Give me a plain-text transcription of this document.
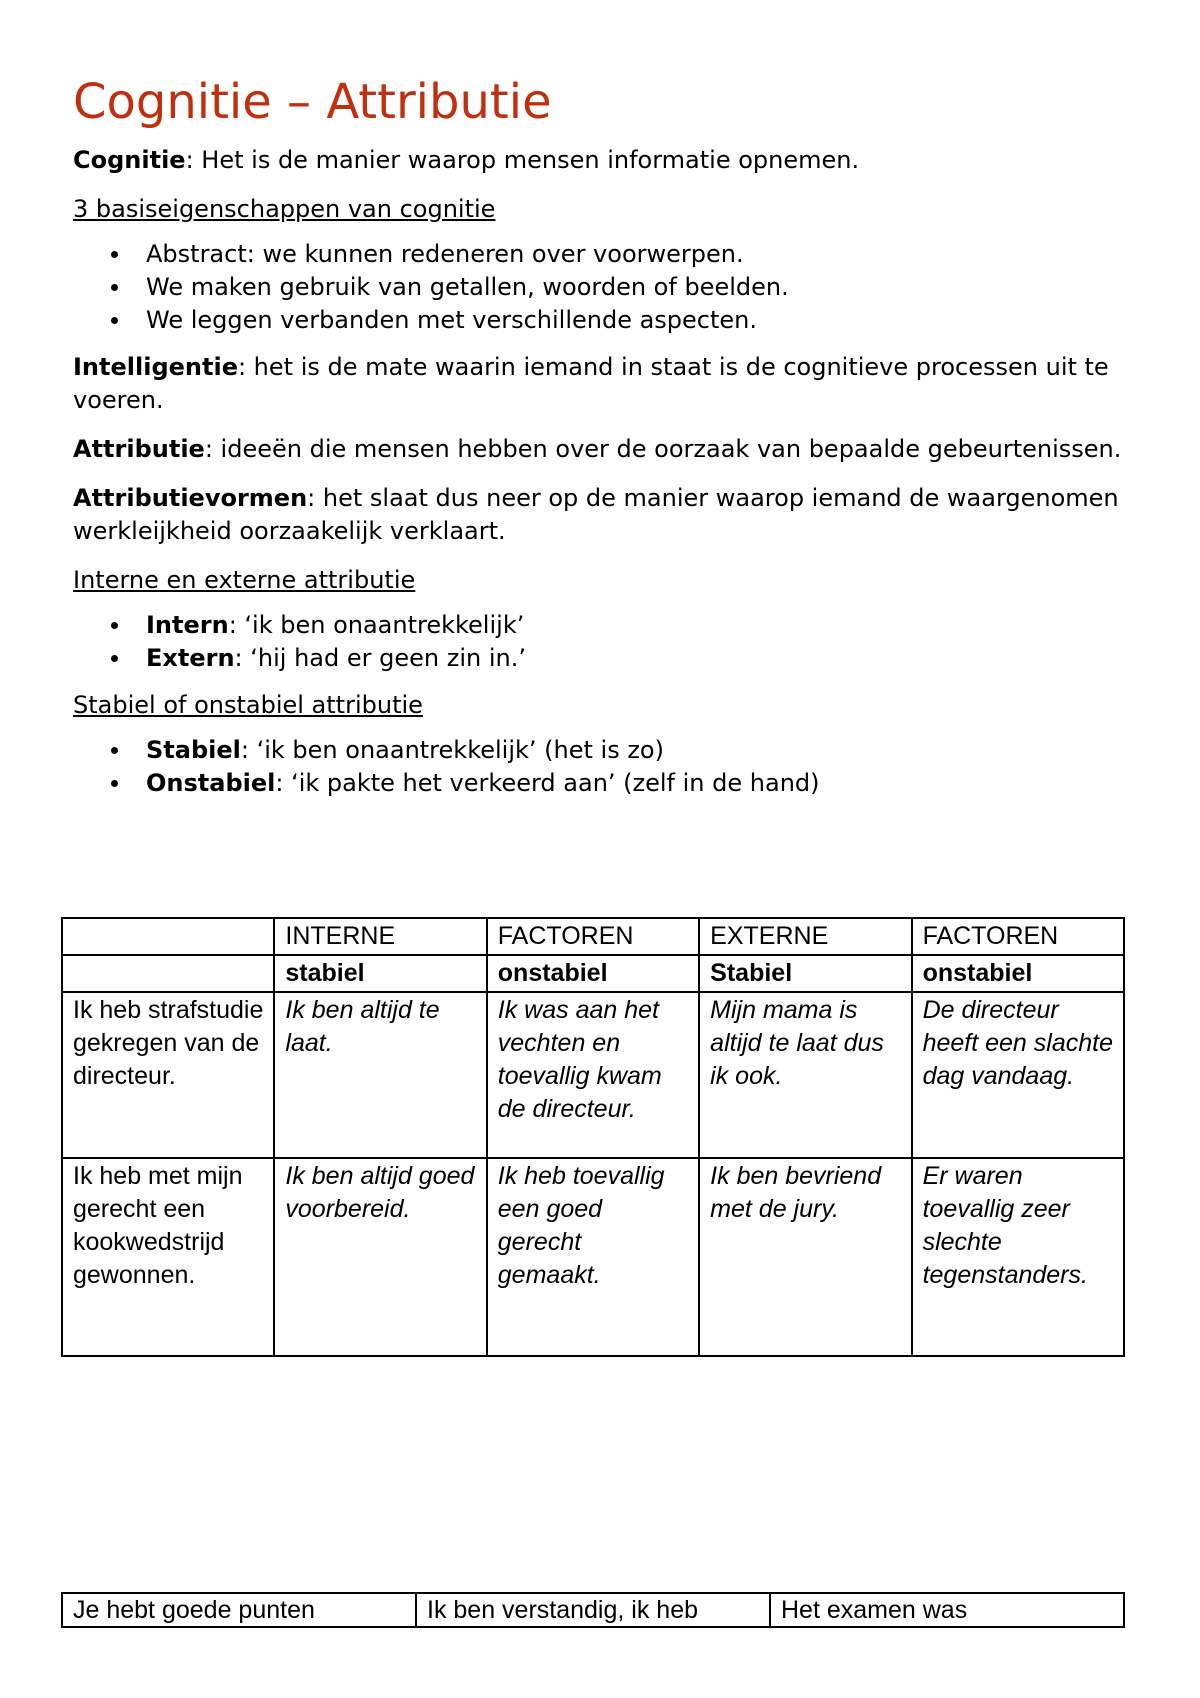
Cognitie – Attributie

Cognitie: Het is de manier waarop mensen informatie opnemen.

3 basiseigenschappen van cognitie

Abstract: we kunnen redeneren over voorwerpen.
We maken gebruik van getallen, woorden of beelden.
We leggen verbanden met verschillende aspecten.

Intelligentie: het is de mate waarin iemand in staat is de cognitieve processen uit te voeren.

Attributie: ideeën die mensen hebben over de oorzaak van bepaalde gebeurtenissen.

Attributievormen: het slaat dus neer op de manier waarop iemand de waargenomen werkleijkheid oorzaakelijk verklaart.

Interne en externe attributie

Intern: ‘ik ben onaantrekkelijk’
Extern: ‘hij had er geen zin in.’

Stabiel of onstabiel attributie

Stabiel: ‘ik ben onaantrekkelijk’ (het is zo)
Onstabiel: ‘ik pakte het verkeerd aan’ (zelf in de hand)
	INTERNE	FACTOREN	EXTERNE	FACTOREN
	stabiel	onstabiel	Stabiel	onstabiel
Ik heb strafstudie gekregen van de directeur.	Ik ben altijd te laat.	Ik was aan het vechten en toevallig kwam de directeur.	Mijn mama is altijd te laat dus ik ook.	De directeur heeft een slachte dag vandaag.
Ik heb met mijn gerecht een kookwedstrijd gewonnen.	Ik ben altijd goed voorbereid.	Ik heb toevallig een goed gerecht gemaakt.	Ik ben bevriend met de jury.	Er waren toevallig zeer slechte tegenstanders.
Je hebt goede punten	Ik ben verstandig, ik heb	Het examen was
